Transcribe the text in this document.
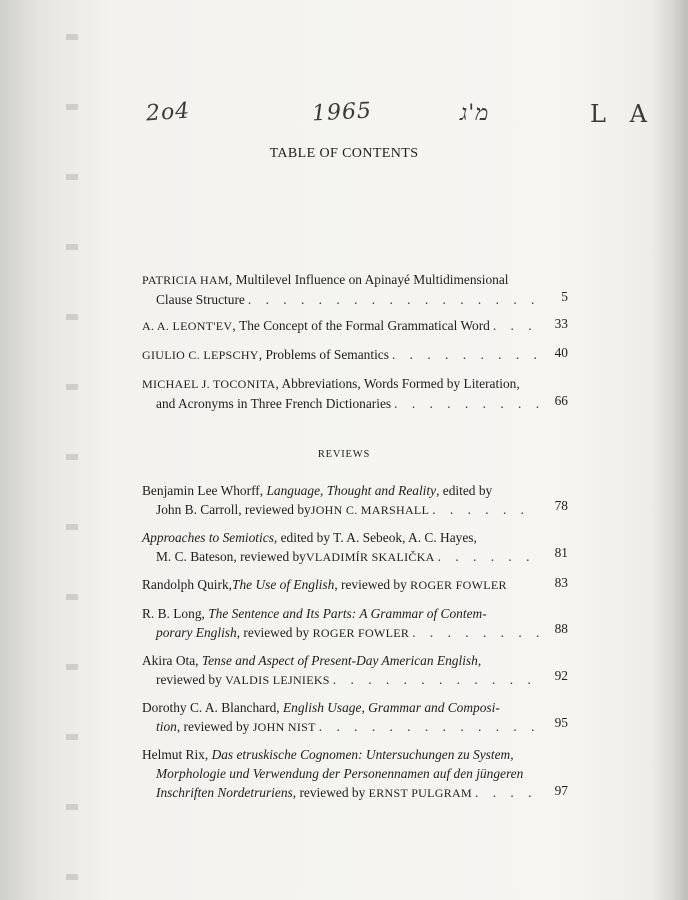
2o4	1965	מ'ג	L A
TABLE OF CONTENTS
PATRICIA HAM, Multilevel Influence on Apinayé Multidimensional
Clause Structure . . .	5
A. A. LEONT'EV , The Concept of the Formal Grammatical Word . . .	33
GIULIO C. LEPSCHY , Problems of Semantics . . .	40
MICHAEL J. TOCONITA, Abbreviations, Words Formed by Literation,
and Acronyms in Three French Dictionaries . . .	66
REVIEWS
Benjamin Lee Whorff, Language, Thought and Reality, edited by
John B. Carroll, reviewed by JOHN C. MARSHALL . . .	78
Approaches to Semiotics, edited by T. A. Sebeok, A. C. Hayes,
M. C. Bateson, reviewed by VLADIMÍR SKALIČKA . . .	81
Randolph Quirk, The Use of English , reviewed by ROGER FOWLER	83
R. B. Long, The Sentence and Its Parts: A Grammar of Contem-
porary English , reviewed by ROGER FOWLER . . .	88
Akira Ota, Tense and Aspect of Present-Day American English,
reviewed by VALDIS LEJNIEKS . . .	92
Dorothy C. A. Blanchard, English Usage, Grammar and Composi-
tion , reviewed by JOHN NIST . . .	95
Helmut Rix, Das etruskische Cognomen: Untersuchungen zu System,
Morphologie und Verwendung der Personennamen auf den jüngeren
Inschriften Nordetruriens , reviewed by ERNST PULGRAM . . .	97
